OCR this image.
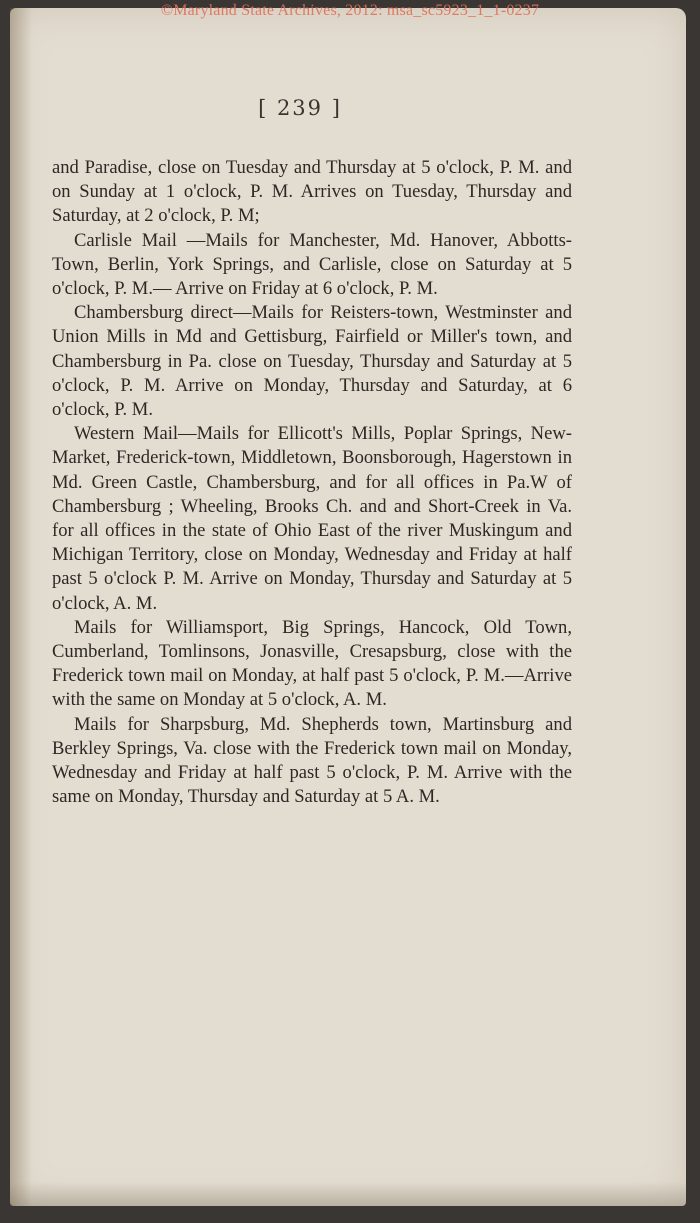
©Maryland State Archives, 2012: msa_sc5923_1_1-0237
[ 239 ]

and Paradise, close on Tuesday and Thursday at 5 o'clock, P. M. and on Sunday at 1 o'clock, P. M. Arrives on Tuesday, Thursday and Saturday, at 2 o'clock, P. M;

Carlisle Mail —Mails for Manchester, Md. Hanover, Abbotts-Town, Berlin, York Springs, and Carlisle, close on Saturday at 5 o'clock, P. M.— Arrive on Friday at 6 o'clock, P. M.

Chambersburg direct—Mails for Reisters-town, Westminster and Union Mills in Md and Gettisburg, Fairfield or Miller's town, and Chambersburg in Pa. close on Tuesday, Thursday and Saturday at 5 o'clock, P. M. Arrive on Monday, Thursday and Saturday, at 6 o'clock, P. M.

Western Mail—Mails for Ellicott's Mills, Poplar Springs, New-Market, Frederick-town, Middletown, Boonsborough, Hagerstown in Md. Green Castle, Chambersburg, and for all offices in Pa.W of Chambersburg ; Wheeling, Brooks Ch. and and Short-Creek in Va. for all offices in the state of Ohio East of the river Muskingum and Michigan Territory, close on Monday, Wednesday and Friday at half past 5 o'clock P. M. Arrive on Monday, Thursday and Saturday at 5 o'clock, A. M.

Mails for Williamsport, Big Springs, Hancock, Old Town, Cumberland, Tomlinsons, Jonasville, Cresapsburg, close with the Frederick town mail on Monday, at half past 5 o'clock, P. M.—Arrive with the same on Monday at 5 o'clock, A. M.

Mails for Sharpsburg, Md. Shepherds town, Martinsburg and Berkley Springs, Va. close with the Frederick town mail on Monday, Wednesday and Friday at half past 5 o'clock, P. M. Arrive with the same on Monday, Thursday and Saturday at 5 A. M.
